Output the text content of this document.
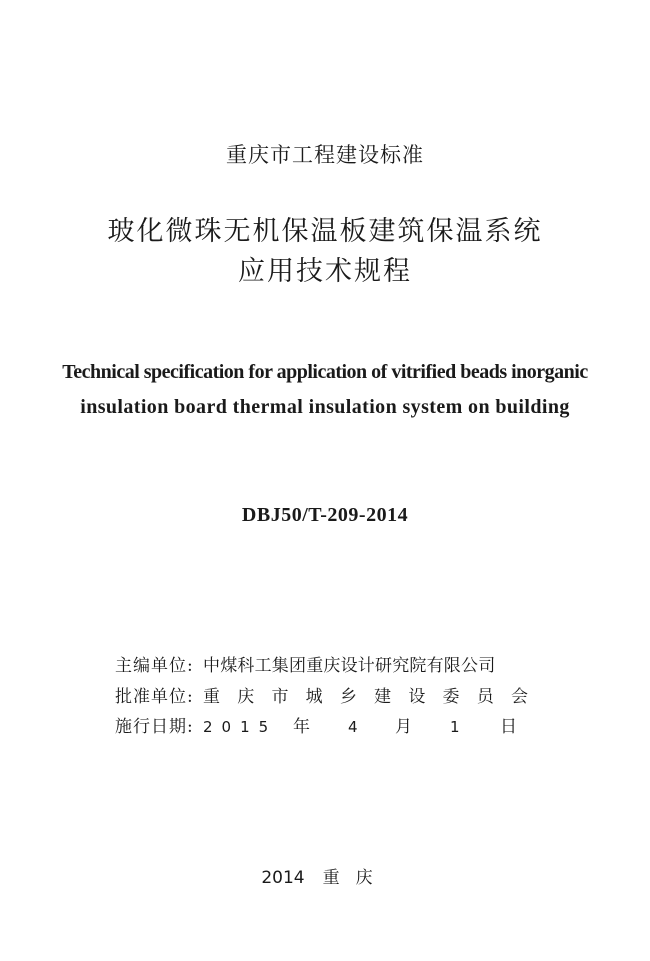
重庆市工程建设标准
玻化微珠无机保温板建筑保温系统
应用技术规程
Technical specification for application of vitrified beads inorganic
insulation board thermal insulation system on building
DBJ50/T-209-2014
主编单位: 中煤科工集团重庆设计研究院有限公司
批准单位: 重 庆 市 城 乡 建 设 委 员 会
施行日期: 2015 年	4	月	1	日
2014 重庆
